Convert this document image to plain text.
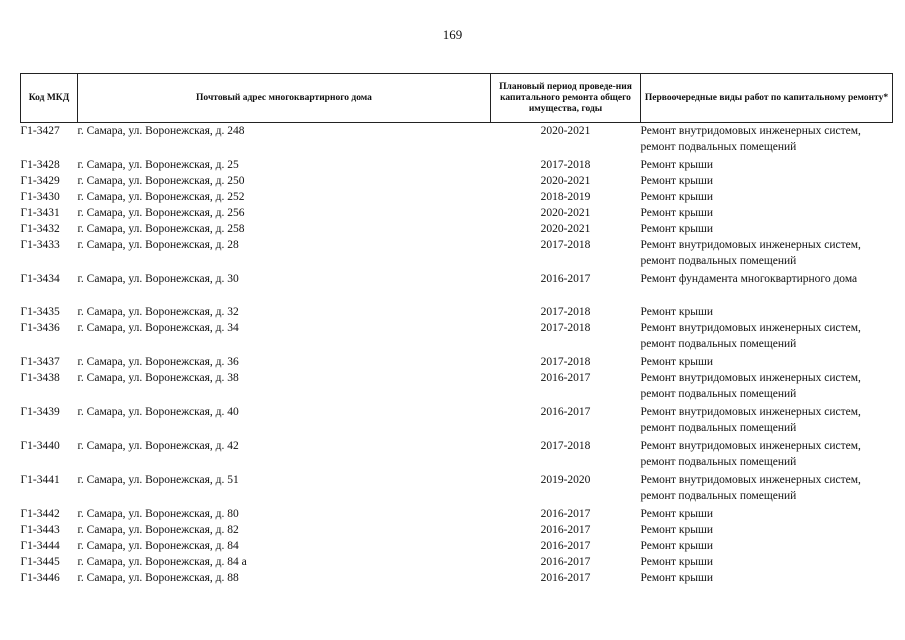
169
Код МКД	Почтовый адрес многоквартирного дома	Плановый период проведе-ния капитального ремонта общего имущества, годы	Первоочередные виды работ по капитальному ремонту*
Г1-3427	г. Самара, ул. Воронежская, д. 248	2020-2021	Ремонт внутридомовых инженерных систем, ремонт подвальных помещений
Г1-3428	г. Самара, ул. Воронежская, д. 25	2017-2018	Ремонт крыши
Г1-3429	г. Самара, ул. Воронежская, д. 250	2020-2021	Ремонт крыши
Г1-3430	г. Самара, ул. Воронежская, д. 252	2018-2019	Ремонт крыши
Г1-3431	г. Самара, ул. Воронежская, д. 256	2020-2021	Ремонт крыши
Г1-3432	г. Самара, ул. Воронежская, д. 258	2020-2021	Ремонт крыши
Г1-3433	г. Самара, ул. Воронежская, д. 28	2017-2018	Ремонт внутридомовых инженерных систем, ремонт подвальных помещений
Г1-3434	г. Самара, ул. Воронежская, д. 30	2016-2017	Ремонт фундамента многоквартирного дома
Г1-3435	г. Самара, ул. Воронежская, д. 32	2017-2018	Ремонт крыши
Г1-3436	г. Самара, ул. Воронежская, д. 34	2017-2018	Ремонт внутридомовых инженерных систем, ремонт подвальных помещений
Г1-3437	г. Самара, ул. Воронежская, д. 36	2017-2018	Ремонт крыши
Г1-3438	г. Самара, ул. Воронежская, д. 38	2016-2017	Ремонт внутридомовых инженерных систем, ремонт подвальных помещений
Г1-3439	г. Самара, ул. Воронежская, д. 40	2016-2017	Ремонт внутридомовых инженерных систем, ремонт подвальных помещений
Г1-3440	г. Самара, ул. Воронежская, д. 42	2017-2018	Ремонт внутридомовых инженерных систем, ремонт подвальных помещений
Г1-3441	г. Самара, ул. Воронежская, д. 51	2019-2020	Ремонт внутридомовых инженерных систем, ремонт подвальных помещений
Г1-3442	г. Самара, ул. Воронежская, д. 80	2016-2017	Ремонт крыши
Г1-3443	г. Самара, ул. Воронежская, д. 82	2016-2017	Ремонт крыши
Г1-3444	г. Самара, ул. Воронежская, д. 84	2016-2017	Ремонт крыши
Г1-3445	г. Самара, ул. Воронежская, д. 84 а	2016-2017	Ремонт крыши
Г1-3446	г. Самара, ул. Воронежская, д. 88	2016-2017	Ремонт крыши
